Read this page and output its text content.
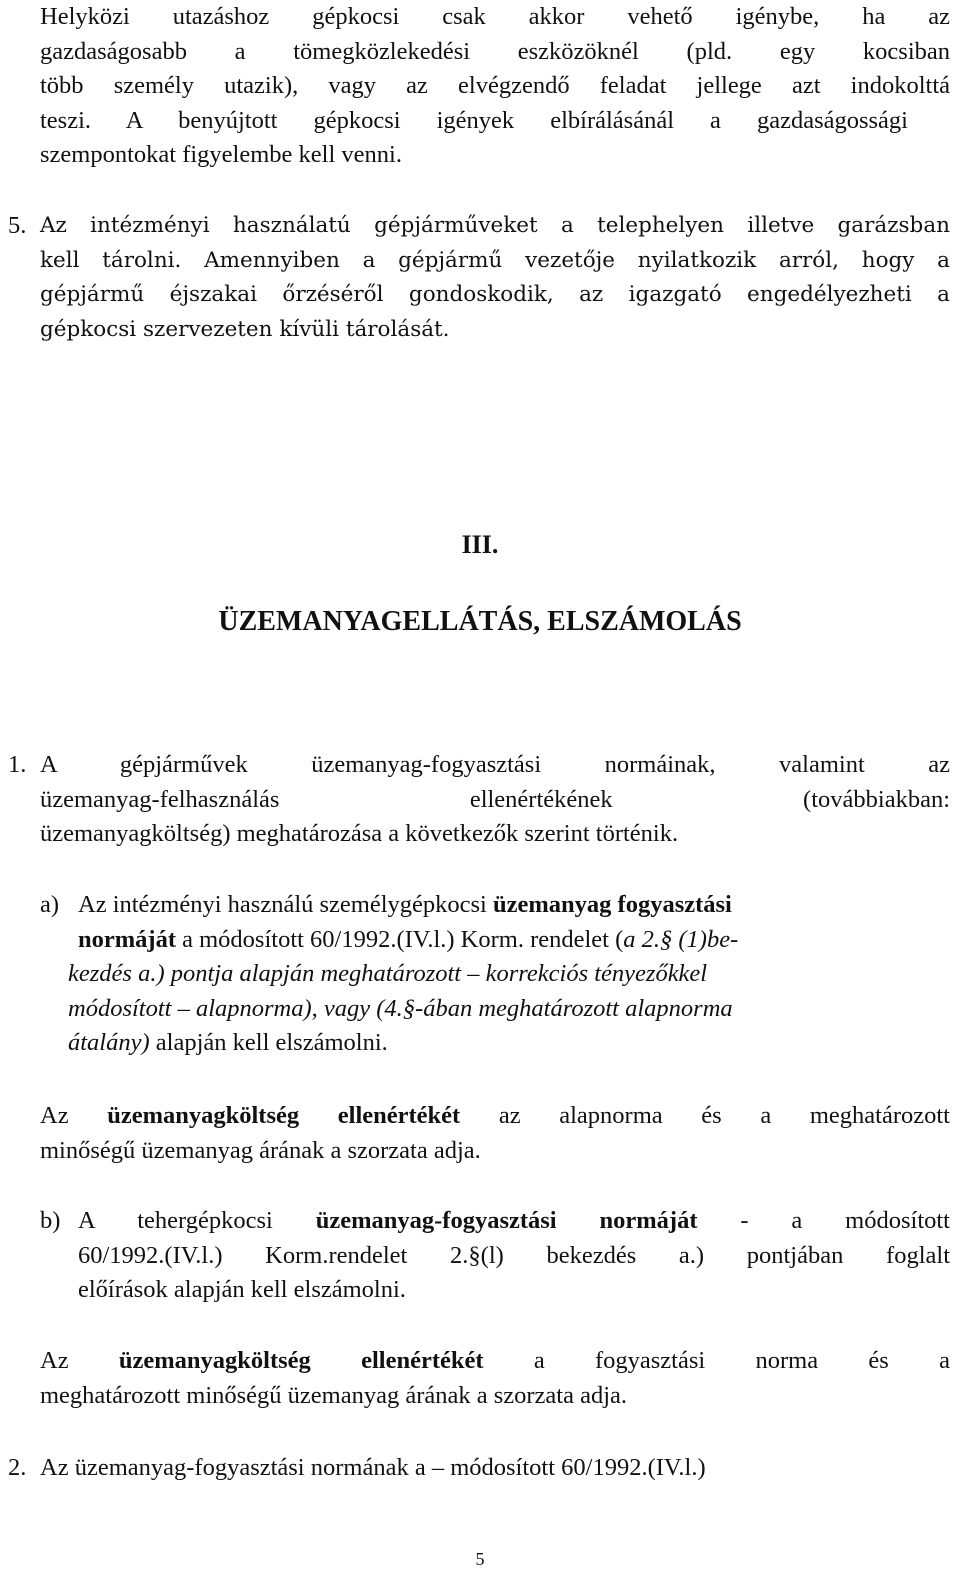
Helyközi utazáshoz gépkocsi csak akkor vehető igénybe, ha az
gazdaságosabb a tömegközlekedési eszközöknél (pld. egy kocsiban
több személy utazik), vagy az elvégzendő feladat jellege azt indokolttá
teszi. A benyújtott gépkocsi igények elbírálásánál a gazdaságossági
szempontokat figyelembe kell venni.
5. Az intézményi használatú gépjárműveket a telephelyen illetve garázsban
kell tárolni. Amennyiben a gépjármű vezetője nyilatkozik arról, hogy a
gépjármű éjszakai őrzéséről gondoskodik, az igazgató engedélyezheti a
gépkocsi szervezeten kívüli tárolását.
III.
ÜZEMANYAGELLÁTÁS, ELSZÁMOLÁS
1. A gépjárművek üzemanyag-fogyasztási normáinak, valamint az
üzemanyag-felhasználás ellenértékének (továbbiakban:
üzemanyagköltség) meghatározása a következők szerint történik.
a) Az intézményi használú személygépkocsi üzemanyag fogyasztási
normáját a módosított 60/1992.(IV.l.) Korm. rendelet (a 2.§ (1)be-
kezdés a.) pontja alapján meghatározott – korrekciós tényezőkkel
módosított – alapnorma), vagy (4.§-ában meghatározott alapnorma
átalány) alapján kell elszámolni.
Az üzemanyagköltség ellenértékét az alapnorma és a meghatározott
minőségű üzemanyag árának a szorzata adja.
b) A tehergépkocsi üzemanyag-fogyasztási normáját - a módosított
60/1992.(IV.l.) Korm.rendelet 2.§(l) bekezdés a.) pontjában foglalt
előírások alapján kell elszámolni.
Az üzemanyagköltség ellenértékét a fogyasztási norma és a
meghatározott minőségű üzemanyag árának a szorzata adja.
2. Az üzemanyag-fogyasztási normának a – módosított 60/1992.(IV.l.)
5
